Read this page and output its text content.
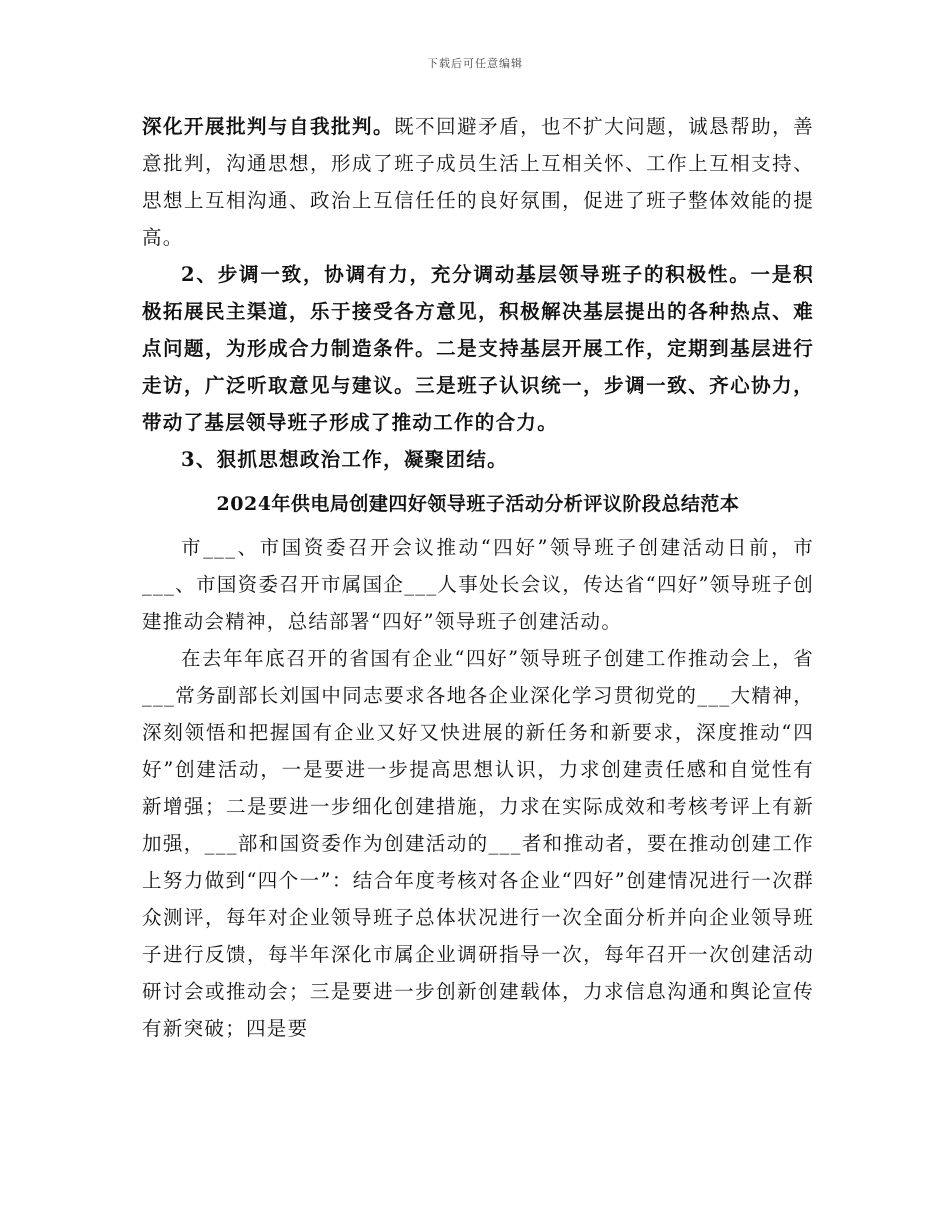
下载后可任意编辑

深化开展批判与自我批判。既不回避矛盾，也不扩大问题，诚恳帮助，善意批判，沟通思想，形成了班子成员生活上互相关怀、工作上互相支持、思想上互相沟通、政治上互信任任的良好氛围，促进了班子整体效能的提高。

2、步调一致，协调有力，充分调动基层领导班子的积极性。一是积极拓展民主渠道，乐于接受各方意见，积极解决基层提出的各种热点、难点问题，为形成合力制造条件。二是支持基层开展工作，定期到基层进行走访，广泛听取意见与建议。三是班子认识统一，步调一致、齐心协力，带动了基层领导班子形成了推动工作的合力。

3、狠抓思想政治工作，凝聚团结。

2024年供电局创建四好领导班子活动分析评议阶段总结范本

市___、市国资委召开会议推动“四好”领导班子创建活动日前，市___、市国资委召开市属国企___人事处长会议，传达省“四好”领导班子创建推动会精神，总结部署“四好”领导班子创建活动。

在去年年底召开的省国有企业“四好”领导班子创建工作推动会上，省___常务副部长刘国中同志要求各地各企业深化学习贯彻党的___大精神，深刻领悟和把握国有企业又好又快进展的新任务和新要求，深度推动“四好”创建活动，一是要进一步提高思想认识，力求创建责任感和自觉性有新增强；二是要进一步细化创建措施，力求在实际成效和考核考评上有新加强，___部和国资委作为创建活动的___者和推动者，要在推动创建工作上努力做到“四个一”：结合年度考核对各企业“四好”创建情况进行一次群众测评，每年对企业领导班子总体状况进行一次全面分析并向企业领导班子进行反馈，每半年深化市属企业调研指导一次，每年召开一次创建活动研讨会或推动会；三是要进一步创新创建载体，力求信息沟通和舆论宣传有新突破；四是要
